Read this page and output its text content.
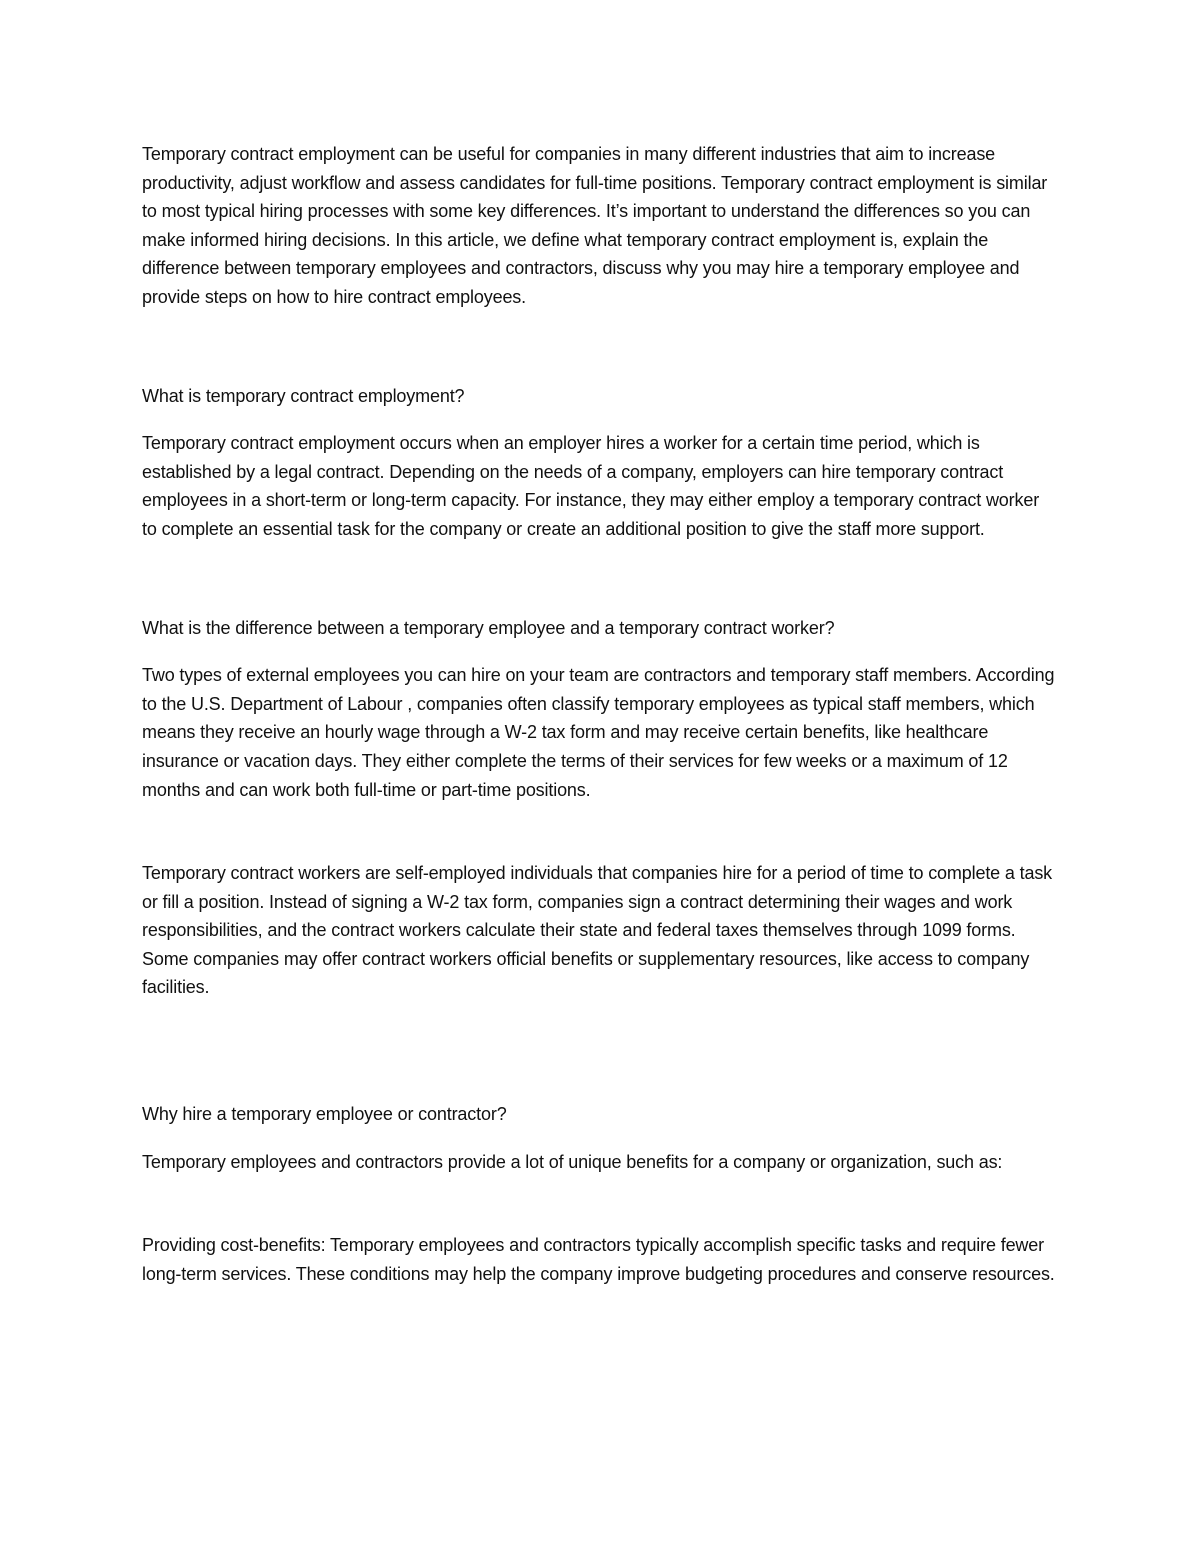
Temporary contract employment can be useful for companies in many different industries that aim to increase productivity, adjust workflow and assess candidates for full-time positions. Temporary contract employment is similar to most typical hiring processes with some key differences. It’s important to understand the differences so you can make informed hiring decisions. In this article, we define what temporary contract employment is, explain the difference between temporary employees and contractors, discuss why you may hire a temporary employee and provide steps on how to hire contract employees.

What is temporary contract employment?

Temporary contract employment occurs when an employer hires a worker for a certain time period, which is established by a legal contract. Depending on the needs of a company, employers can hire temporary contract employees in a short-term or long-term capacity. For instance, they may either employ a temporary contract worker to complete an essential task for the company or create an additional position to give the staff more support.

What is the difference between a temporary employee and a temporary contract worker?

Two types of external employees you can hire on your team are contractors and temporary staff members. According to the U.S. Department of Labour , companies often classify temporary employees as typical staff members, which means they receive an hourly wage through a W-2 tax form and may receive certain benefits, like healthcare insurance or vacation days. They either complete the terms of their services for few weeks or a maximum of 12 months and can work both full-time or part-time positions.

Temporary contract workers are self-employed individuals that companies hire for a period of time to complete a task or fill a position. Instead of signing a W-2 tax form, companies sign a contract determining their wages and work responsibilities, and the contract workers calculate their state and federal taxes themselves through 1099 forms. Some companies may offer contract workers official benefits or supplementary resources, like access to company facilities.

Why hire a temporary employee or contractor?

Temporary employees and contractors provide a lot of unique benefits for a company or organization, such as:

Providing cost-benefits: Temporary employees and contractors typically accomplish specific tasks and require fewer long-term services. These conditions may help the company improve budgeting procedures and conserve resources.
